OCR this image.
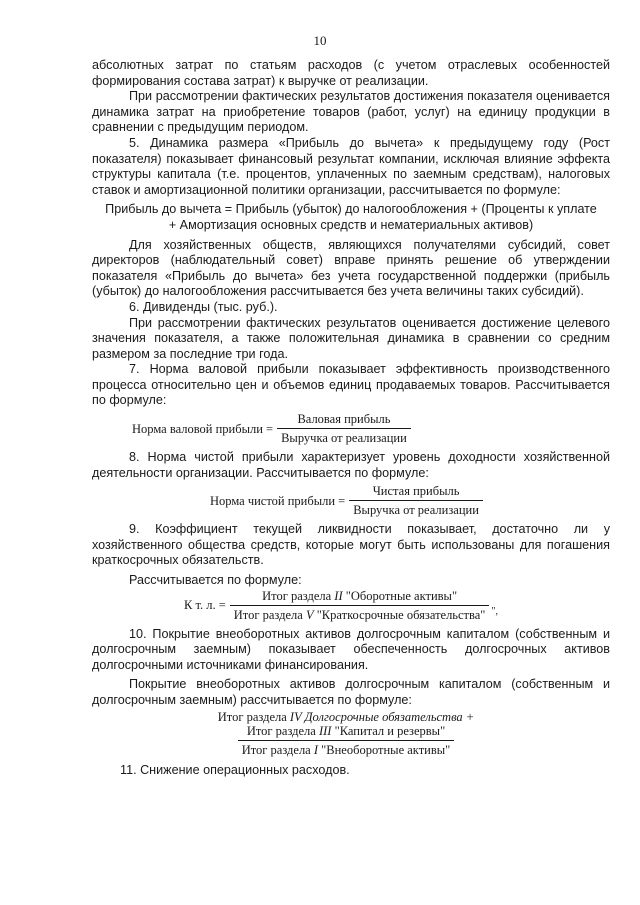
10

абсолютных затрат по статьям расходов (с учетом отраслевых особенностей формирования состава затрат) к выручке от реализации.

При рассмотрении фактических результатов достижения показателя оценивается динамика затрат на приобретение товаров (работ, услуг) на единицу продукции в сравнении с предыдущим периодом.

5. Динамика размера «Прибыль до вычета» к предыдущему году (Рост показателя) показывает финансовый результат компании, исключая влияние эффекта структуры капитала (т.е. процентов, уплаченных по заемным средствам), налоговых ставок и амортизационной политики организации, рассчитывается по формуле:

Прибыль до вычета = Прибыль (убыток) до налогообложения + (Проценты к уплате + Амортизация основных средств и нематериальных активов)

Для хозяйственных обществ, являющихся получателями субсидий, совет директоров (наблюдательный совет) вправе принять решение об утверждении показателя «Прибыль до вычета» без учета государственной поддержки (прибыль (убыток) до налогообложения рассчитывается без учета величины таких субсидий).

6. Дивиденды (тыс. руб.).

При рассмотрении фактических результатов оценивается достижение целевого значения показателя, а также положительная динамика в сравнении со средним размером за последние три года.

7. Норма валовой прибыли показывает эффективность производственного процесса относительно цен и объемов единиц продаваемых товаров. Рассчитывается по формуле:

Норма валовой прибыли = $\frac{\text{Валовая прибыль}}{\text{Выручка от реализации}}$

8. Норма чистой прибыли характеризует уровень доходности хозяйственной деятельности организации. Рассчитывается по формуле:

Норма чистой прибыли = $\frac{\text{Чистая прибыль}}{\text{Выручка от реализации}}$

9. Коэффициент текущей ликвидности показывает, достаточно ли у хозяйственного общества средств, которые могут быть использованы для погашения краткосрочных обязательств.

Рассчитывается по формуле:

К т. л. = $\frac{\text{Итог раздела II "Оборотные активы"}}{\text{Итог раздела V "Краткосрочные обязательства"}}$ ",

10. Покрытие внеоборотных активов долгосрочным капиталом (собственным и долгосрочным заемным) показывает обеспеченность долгосрочных активов долгосрочными источниками финансирования.

Покрытие внеоборотных активов долгосрочным капиталом (собственным и долгосрочным заемным) рассчитывается по формуле:

Итог раздела IV Долгосрочные обязательства +
Итог раздела III "Капитал и резервы"
Итог раздела I "Внеоборотные активы"

11. Снижение операционных расходов.
